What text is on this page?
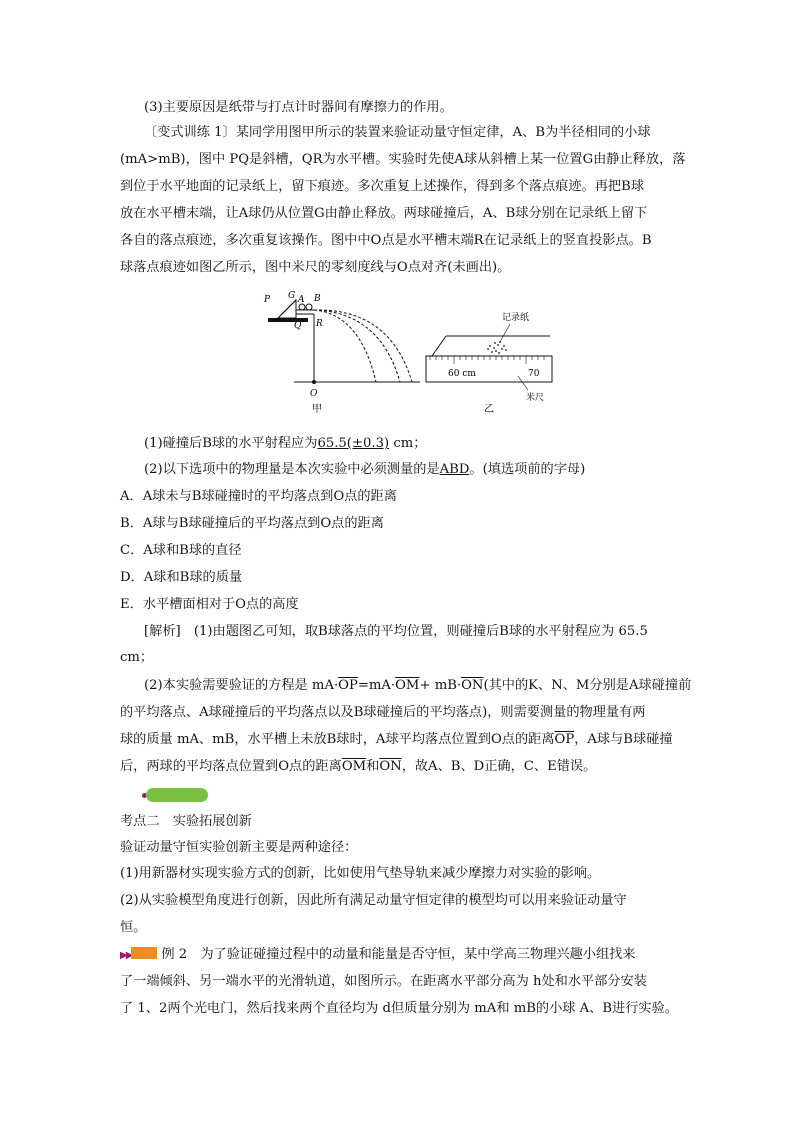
(3)主要原因是纸带与打点计时器间有摩擦力的作用。
〔变式训练 1〕某同学用图甲所示的装置来验证动量守恒定律，A、B为半径相同的小球
(mA>mB)，图中 PQ是斜槽，QR为水平槽。实验时先使A球从斜槽上某一位置G由静止释放，落
到位于水平地面的记录纸上，留下痕迹。多次重复上述操作，得到多个落点痕迹。再把B球
放在水平槽末端，让A球仍从位置G由静止释放。两球碰撞后，A、B球分别在记录纸上留下
各自的落点痕迹，多次重复该操作。图中中O点是水平槽末端R在记录纸上的竖直投影点。B
球落点痕迹如图乙所示，图中米尺的零刻度线与O点对齐(未画出)。
P G A B
Q R
O
甲
记录纸
60 cm	70
米尺
乙
(1)碰撞后B球的水平射程应为65.5(±0.3) cm；
(2)以下选项中的物理量是本次实验中必须测量的是ABD。(填选项前的字母)
A．A球未与B球碰撞时的平均落点到O点的距离
B．A球与B球碰撞后的平均落点到O点的距离
C．A球和B球的直径
D．A球和B球的质量
E．水平槽面相对于O点的高度
[解析]　(1)由题图乙可知，取B球落点的平均位置，则碰撞后B球的水平射程应为 65.5
cm；
(2)本实验需要验证的方程是 $mA\cdot\overline{OP}=mA\cdot\overline{OM}+ mB\cdot\overline{ON}$(其中的K、N、M分别是A球碰撞前
的平均落点、A球碰撞后的平均落点以及B球碰撞后的平均落点)，则需要测量的物理量有两
球的质量 mA、mB，水平槽上未放B球时，A球平均落点位置到O点的距离$\overline{OP}$，A球与B球碰撞
后，两球的平均落点位置到O点的距离$\overline{OM}$和$\overline{ON}$，故A、B、D正确，C、E错误。
考点二　实验拓展创新
验证动量守恒实验创新主要是两种途径：
(1)用新器材实现实验方式的创新，比如使用气垫导轨来减少摩擦力对实验的影响。
(2)从实验模型角度进行创新，因此所有满足动量守恒定律的模型均可以用来验证动量守
恒。
▶▶ 例 2　为了验证碰撞过程中的动量和能量是否守恒，某中学高三物理兴趣小组找来
了一端倾斜、另一端水平的光滑轨道，如图所示。在距离水平部分高为 h处和水平部分安装
了 1、2两个光电门，然后找来两个直径均为 d但质量分别为 mA和 mB的小球 A、B进行实验。
